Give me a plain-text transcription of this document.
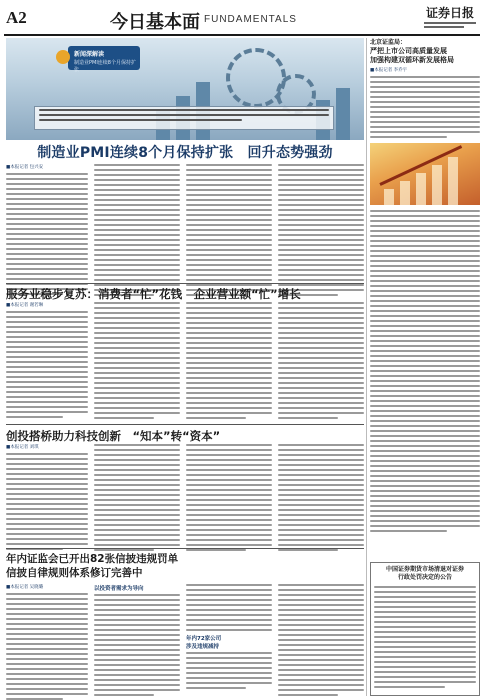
A2	今日基本面 FUNDAMENTALS	证券日报
新闻深解读
制造业PMI连续8个月保持扩张
制造业PMI连续8个月保持扩张　回升态势强劲
■本报记者 包兴安
服务业稳步复苏：消费者“忙”花钱　企业营业额“忙”增长
■本报记者 谢若琳
创投搭桥助力科技创新　“知本”转“资本”
■本报记者 刘琪
年内证监会已开出82张信披违规罚单
信披自律规则体系修订完善中
■本报记者 吴晓璐	以投资者需求为导向
年内72家公司
涉及违规减持
北京证监局：
严把上市公司高质量发展
加强构建双循环新发展格局
■本报记者 李乔宇
中国证券期货市场清退对证券
行政处罚决定的公告
